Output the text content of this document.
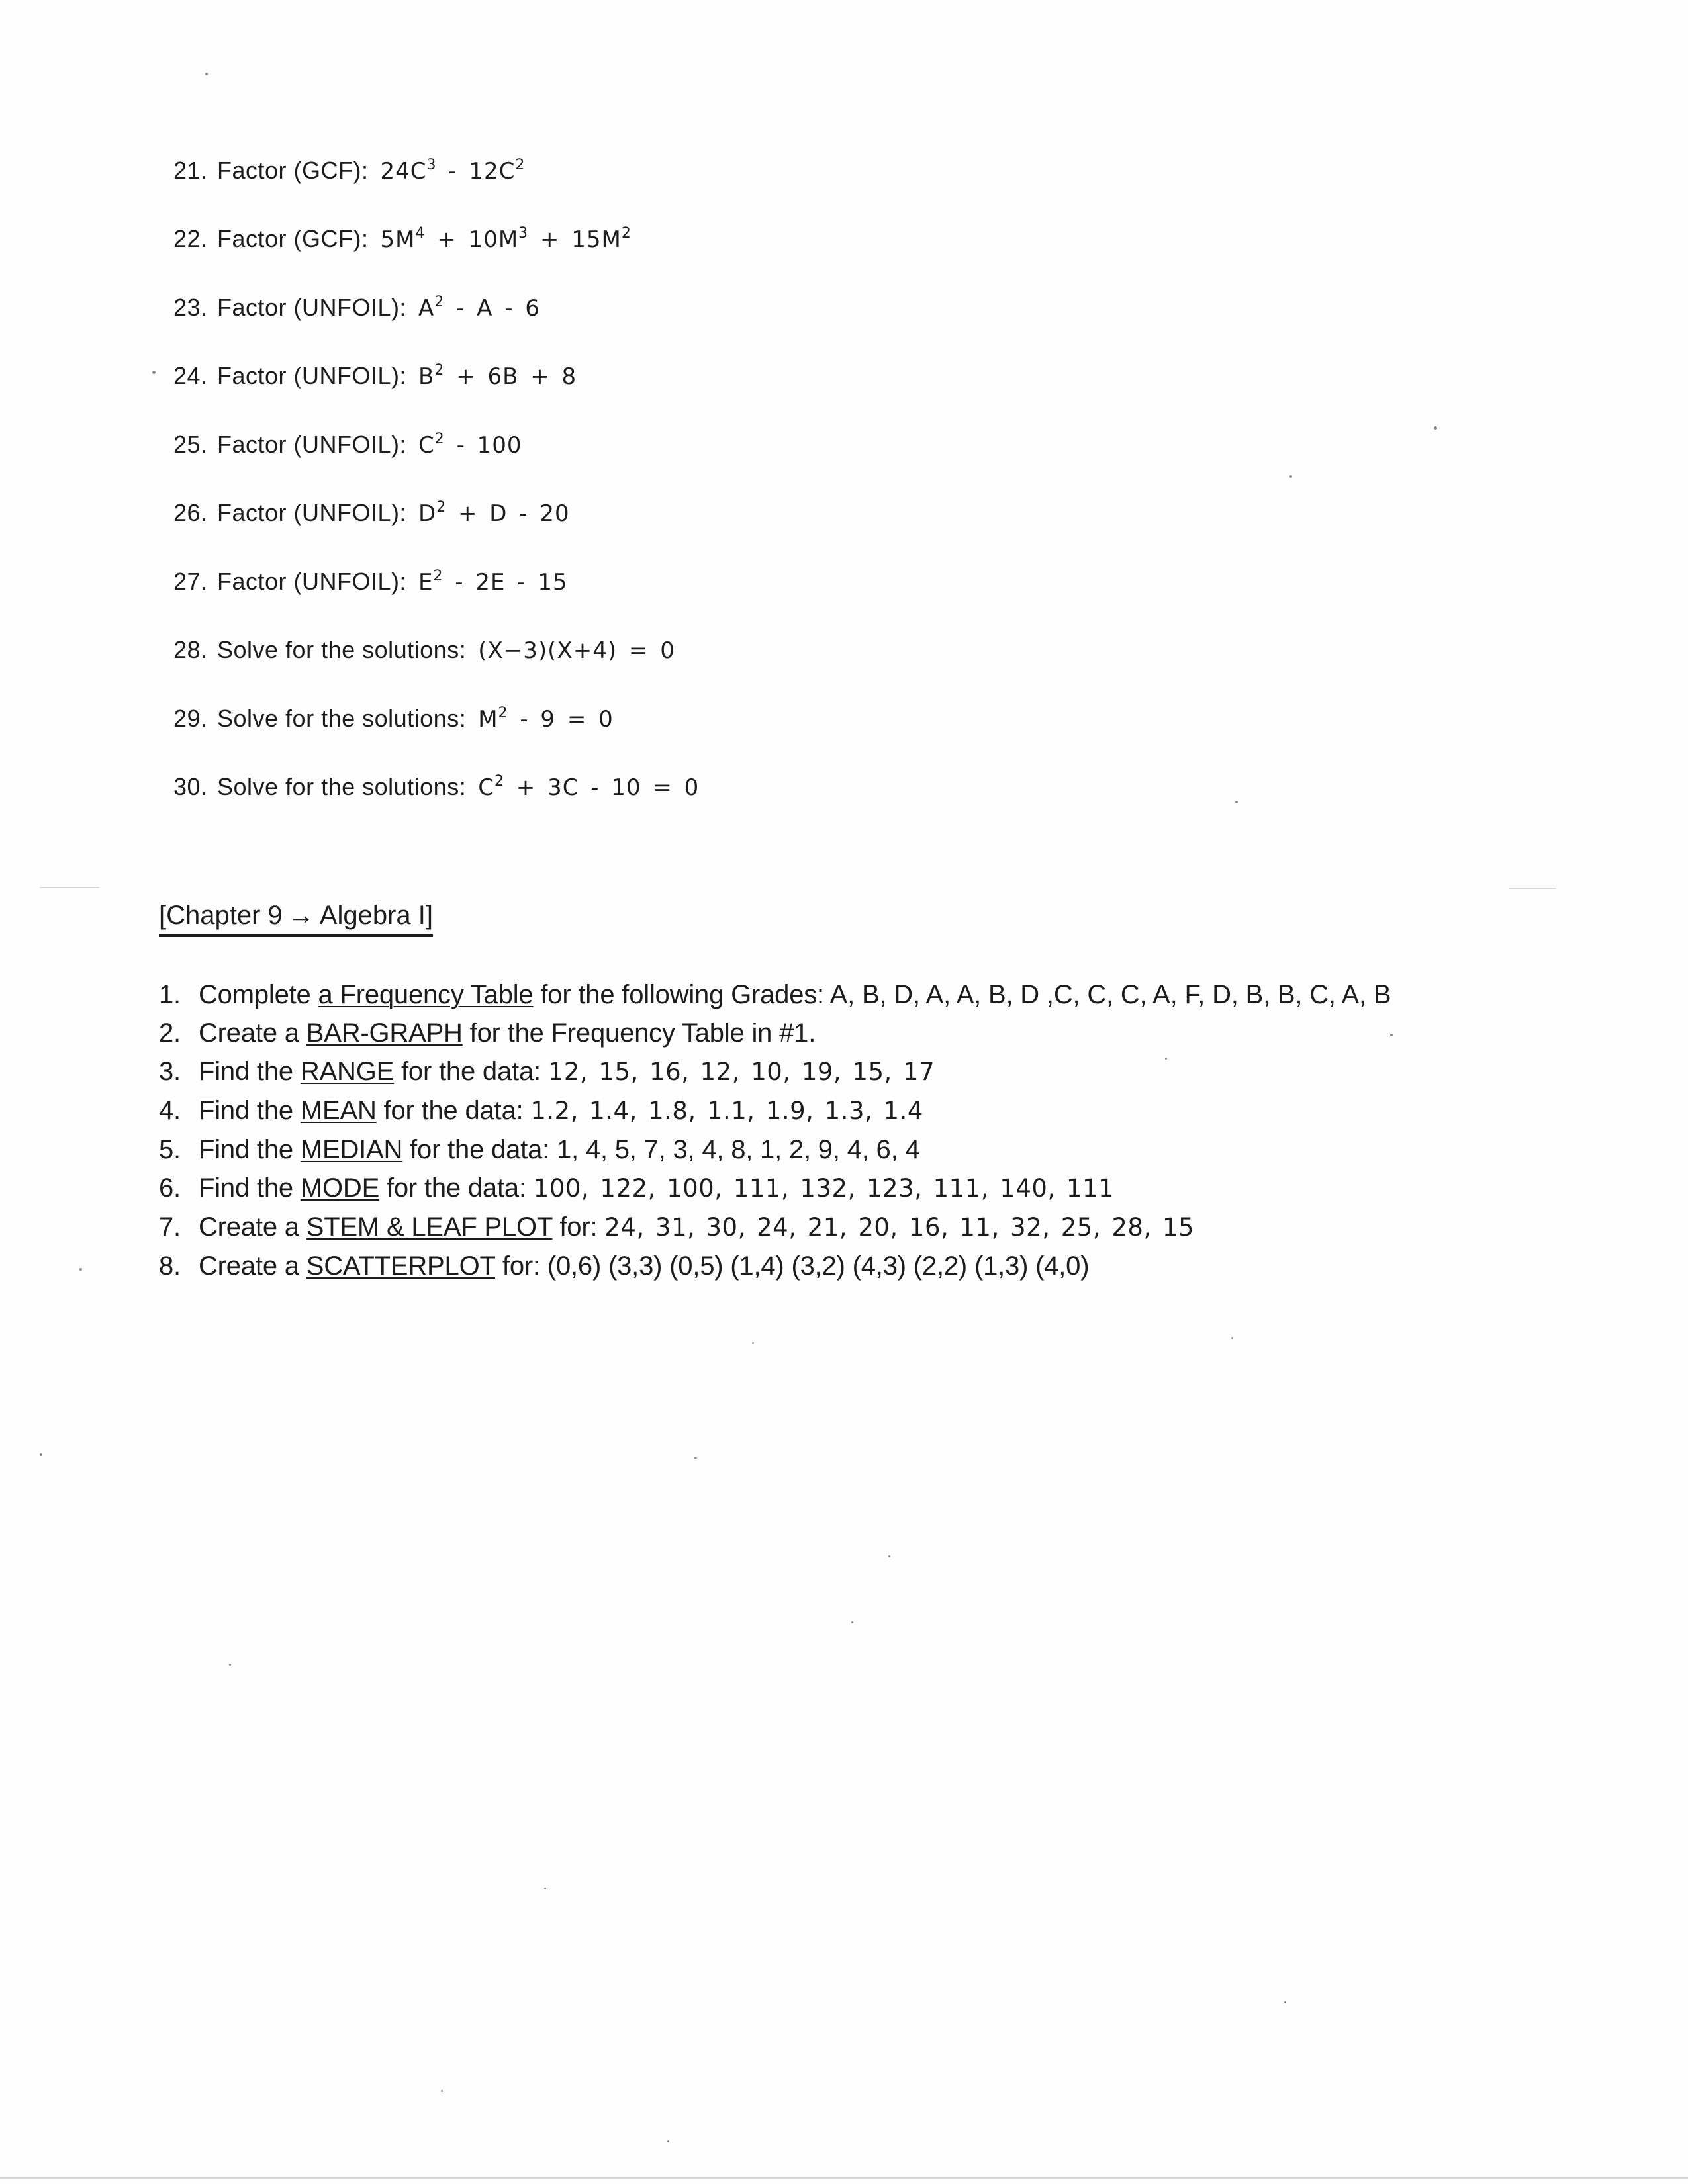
21. Factor (GCF): $24C^3 - 12C^2$
22. Factor (GCF): $5M^4 + 10M^3 + 15M^2$
23. Factor (UNFOIL): $A^2$ - A - 6
24. Factor (UNFOIL): $B^2 + 6B + 8$
25. Factor (UNFOIL): $C^2 - 100$
26. Factor (UNFOIL): $D^2 + D - 20$
27. Factor (UNFOIL): $E^2 - 2E - 15$
28. Solve for the solutions: (X−3)(X+4) = 0
29. Solve for the solutions: $M^2 - 9 = 0$
30. Solve for the solutions: $C^2 + 3C - 10 = 0$
[Chapter 9 → Algebra I]
1. Complete a Frequency Table for the following Grades: A, B, D, A, A, B, D ,C, C, C, A, F, D, B, B, C, A, B
2. Create a BAR-GRAPH for the Frequency Table in #1.
3. Find the RANGE for the data: 12, 15, 16, 12, 10, 19, 15, 17
4. Find the MEAN for the data: 1.2, 1.4, 1.8, 1.1, 1.9, 1.3, 1.4
5. Find the MEDIAN for the data: 1, 4, 5, 7, 3, 4, 8, 1, 2, 9, 4, 6, 4
6. Find the MODE for the data: 100, 122, 100, 111, 132, 123, 111, 140, 111
7. Create a STEM & LEAF PLOT for: 24, 31, 30, 24, 21, 20, 16, 11, 32, 25, 28, 15
8. Create a SCATTERPLOT for: (0,6) (3,3) (0,5) (1,4) (3,2) (4,3) (2,2) (1,3) (4,0)
